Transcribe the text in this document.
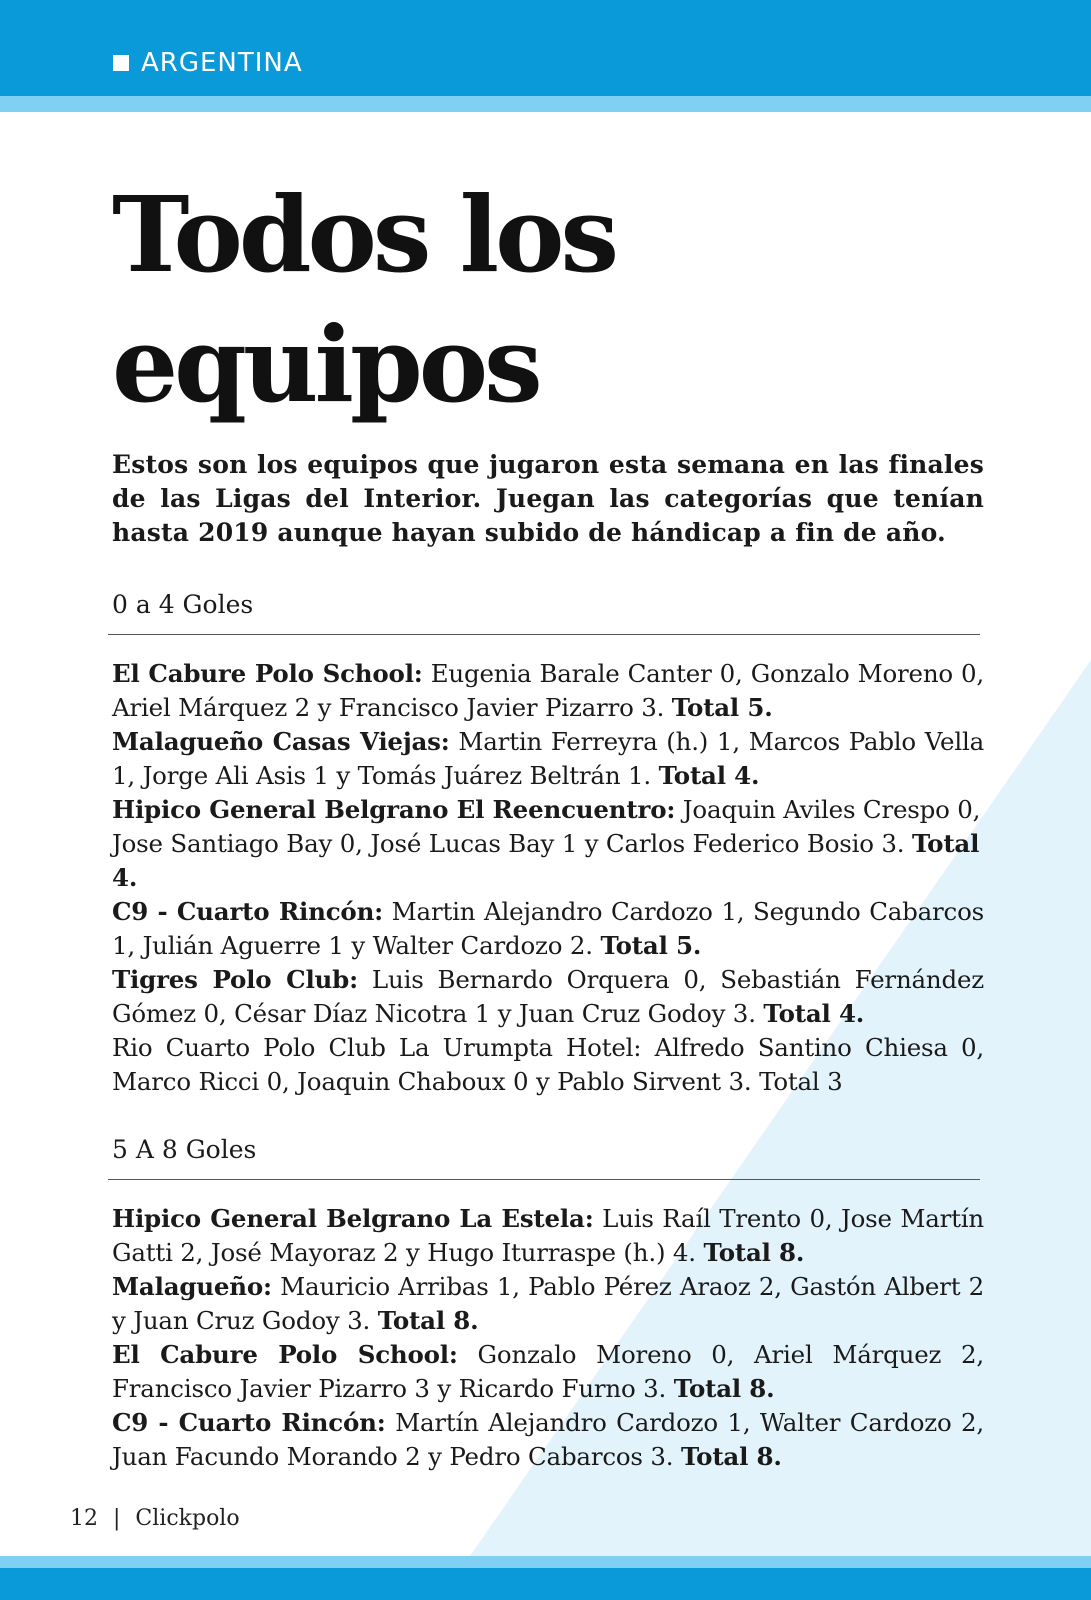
ARGENTINA
Todos los equipos

Estos son los equipos que jugaron esta semana en las finales de las Ligas del Interior. Juegan las categorías que tenían hasta 2019 aunque hayan subido de hándicap a fin de año.

0 a 4 Goles

El Cabure Polo School: Eugenia Barale Canter 0, Gonzalo Moreno 0, Ariel Márquez 2 y Francisco Javier Pizarro 3. Total 5.

Malagueño Casas Viejas: Martin Ferreyra (h.) 1, Marcos Pablo Vella 1, Jorge Ali Asis 1 y Tomás Juárez Beltrán 1. Total 4.

Hipico General Belgrano El Reencuentro: Joaquin Aviles Crespo 0, Jose Santiago Bay 0, José Lucas Bay 1 y Carlos Federico Bosio 3. Total 4.

C9 - Cuarto Rincón: Martin Alejandro Cardozo 1, Segundo Cabarcos 1, Julián Aguerre 1 y Walter Cardozo 2. Total 5.

Tigres Polo Club: Luis Bernardo Orquera 0, Sebastián Fernández Gómez 0, César Díaz Nicotra 1 y Juan Cruz Godoy 3. Total 4.

Rio Cuarto Polo Club La Urumpta Hotel: Alfredo Santino Chiesa 0, Marco Ricci 0, Joaquin Chaboux 0 y Pablo Sirvent 3. Total 3

5 A 8 Goles

Hipico General Belgrano La Estela: Luis Raíl Trento 0, Jose Martín Gatti 2, José Mayoraz 2 y Hugo Iturraspe (h.) 4. Total 8.

Malagueño: Mauricio Arribas 1, Pablo Pérez Araoz 2, Gastón Albert 2 y Juan Cruz Godoy 3. Total 8.

El Cabure Polo School: Gonzalo Moreno 0, Ariel Márquez 2, Francisco Javier Pizarro 3 y Ricardo Furno 3. Total 8.

C9 - Cuarto Rincón: Martín Alejandro Cardozo 1, Walter Cardozo 2, Juan Facundo Morando 2 y Pedro Cabarcos 3. Total 8.

12 | Clickpolo
